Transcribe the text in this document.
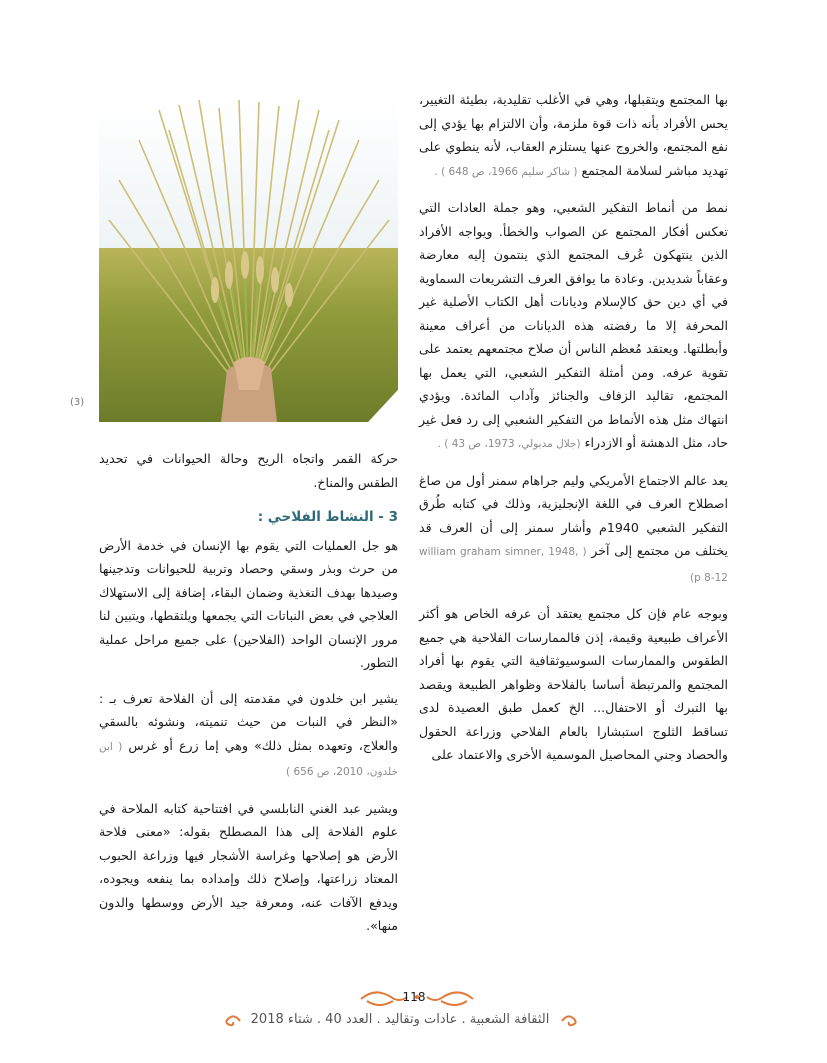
بها المجتمع ويتقبلها، وهي في الأغلب تقليدية، بطيئة التغيير، يحس الأفراد بأنه ذات قوة ملزمة، وأن الالتزام بها يؤدي إلى نفع المجتمع، والخروج عنها يستلزم العقاب، لأنه ينطوي على تهديد مباشر لسلامة المجتمع ( شاكر سليم 1966، ص 648 ) .

نمط من أنماط التفكير الشعبي، وهو جملة العادات التي تعكس أفكار المجتمع عن الصواب والخطأ. ويواجه الأفراد الذين ينتهكون عُرف المجتمع الذي ينتمون إليه معارضة وعقاباً شديدين. وعادة ما يوافق العرف التشريعات السماوية في أي دين حق كالإسلام وديانات أهل الكتاب الأصلية غير المحرفة إلا ما رفضته هذه الديانات من أعراف معينة وأبطلتها. ويعتقد مُعظم الناس أن صلاح مجتمعهم يعتمد على تقوية عرفه. ومن أمثلة التفكير الشعبي، التي يعمل بها المجتمع، تقاليد الزفاف والجنائز وآداب المائدة. ويؤدي انتهاك مثل هذه الأنماط من التفكير الشعبي إلى رد فعل غير حاد، مثل الدهشة أو الازدراء (جلال مدبولي، 1973، ص 43 ) .

يعد عالم الاجتماع الأمريكي وليم جراهام سمنر أول من صاغ اصطلاح العرف في اللغة الإنجليزية، وذلك في كتابه طُرق التفكير الشعبي 1940م وأشار سمنر إلى أن العرف قد يختلف من مجتمع إلى آخر ( william graham simner, 1948, p 8-12)

وبوجه عام فإن كل مجتمع يعتقد أن عرفه الخاص هو أكثر الأعراف طبيعية وقيمة، إذن فالممارسات الفلاحية هي جميع الطقوس والممارسات السوسيوثقافية التي يقوم بها أفراد المجتمع والمرتبطة أساسا بالفلاحة وظواهر الطبيعة ويقصد بها التبرك أو الاحتفال... الخ كعمل طبق العصيدة لدى تساقط الثلوج استبشارا بالعام الفلاحي وزراعة الحقول والحصاد وجني المحاصيل الموسمية الأخرى والاعتماد على

(3)

حركة القمر واتجاه الريح وحالة الحيوانات في تحديد الطقس والمناخ.

3 - النشاط الفلاحي :

هو جل العمليات التي يقوم بها الإنسان في خدمة الأرض من حرث وبذر وسقي وحصاد وتربية للحيوانات وتدجينها وصيدها بهدف التغذية وضمان البقاء، إضافة إلى الاستهلاك العلاجي في بعض النباتات التي يجمعها ويلتقطها، ويتبين لنا مرور الإنسان الواحد (الفلاحين) على جميع مراحل عملية التطور.

يشير ابن خلدون في مقدمته إلى أن الفلاحة تعرف بـ : «النظر في النبات من حيث تنميته، ونشوئه بالسقي والعلاج، وتعهده بمثل ذلك» وهي إما زرع أو غرس ( ابن خلدون، 2010، ص 656 )

ويشير عبد الغني النابلسي في افتتاحية كتابه الملاحة في علوم الفلاحة إلى هذا المصطلح بقوله: «معنى فلاحة الأرض هو إصلاحها وغراسة الأشجار فيها وزراعة الحبوب المعتاد زراعتها، وإصلاح ذلك وإمداده بما ينفعه ويجوده، ويدفع الآفات عنه، ومعرفة جيد الأرض ووسطها والدون منها».

118
الثقافة الشعبية . عادات وتقاليد . العدد 40 . شتاء 2018
